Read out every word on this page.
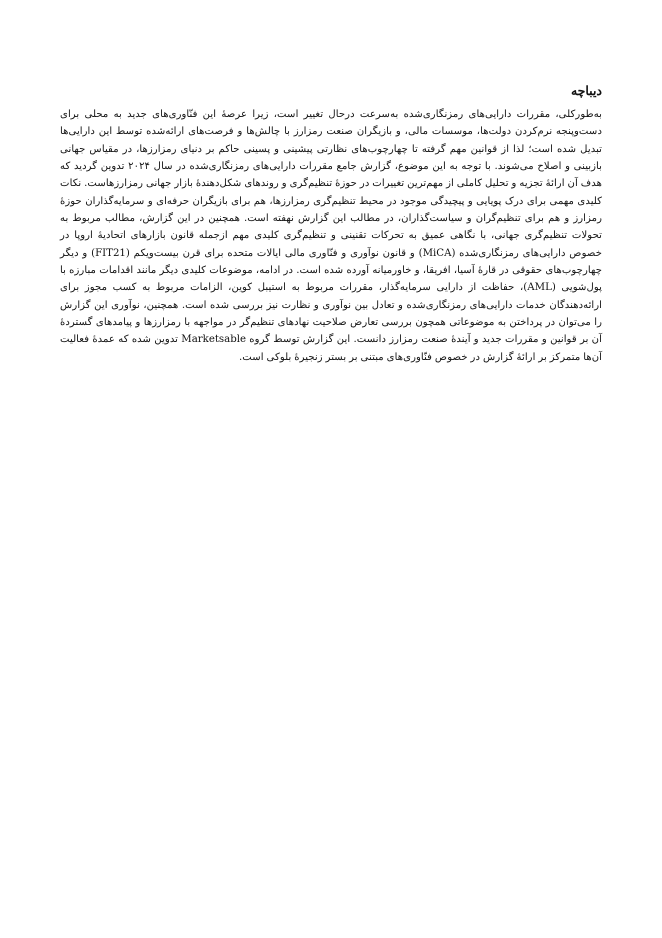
دیباچه

به‌طورکلی، مقررات دارایی‌های رمزنگاری‌شده به‌سرعت درحال تغییر است، زیرا عرصهٔ این فنّاوری‌های جدید به محلی برای دست‌وپنجه نرم‌کردن دولت‌ها، موسسات مالی، و بازیگران صنعت رمزارز با چالش‌ها و فرصت‌های ارائه‌شده توسط این دارایی‌ها تبدیل شده است؛ لذا از قوانین مهم گرفته تا چهارچوب‌های نظارتی پیشینی و پسینی حاکم بر دنیای رمزارزها، در مقیاس جهانی بازبینی و اصلاح می‌شوند. با توجه به این موضوع، گزارش جامع مقررات دارایی‌های رمزنگاری‌شده در سال ۲۰۲۴ تدوین گردید که هدف آن ارائهٔ تجزیه و تحلیل کاملی از مهم‌ترین تغییرات در حوزهٔ تنظیم‌گری و روندهای شکل‌دهندهٔ بازار جهانی رمزارزهاست. نکات کلیدی مهمی برای درک پویایی و پیچیدگی موجود در محیط تنظیم‌گری رمزارزها، هم برای بازیگران حرفه‌ای و سرمایه‌گذاران حوزهٔ رمزارز و هم برای تنظیم‌گران و سیاست‌گذاران، در مطالب این گزارش نهفته است. همچنین در این گزارش، مطالب مربوط به تحولات تنظیم‌گری جهانی، با نگاهی عمیق به تحرکات تقنینی و تنظیم‌گری کلیدی مهم ازجمله قانون بازارهای اتحادیهٔ اروپا در خصوص دارایی‌های رمزنگاری‌شده (MiCA) و قانون نوآوری و فنّاوری مالی ایالات متحده برای قرن بیست‌ویکم (FIT21) و دیگر چهارچوب‌های حقوقی در قارهٔ آسیا، افریقا، و خاورمیانه آورده شده است. در ادامه، موضوعات کلیدی دیگر مانند اقدامات مبارزه با پول‌شویی (AML)، حفاظت از دارایی سرمایه‌گذار، مقررات مربوط به استیبل کوین، الزامات مربوط به کسب مجوز برای ارائه‌دهندگان خدمات دارایی‌های رمزنگاری‌شده و تعادل بین نوآوری و نظارت نیز بررسی شده است. همچنین، نوآوری این گزارش را می‌توان در پرداختن به موضوعاتی همچون بررسی تعارض صلاحیت نهادهای تنظیم‌گر در مواجهه با رمزارزها و پیامدهای گستردهٔ آن بر قوانین و مقررات جدید و آیندهٔ صنعت رمزارز دانست. این گزارش توسط گروه Marketsable تدوین شده که عمدهٔ فعالیت آن‌ها متمرکز بر ارائهٔ گزارش در خصوص فنّاوری‌های مبتنی بر بستر زنجیرهٔ بلوکی است.
